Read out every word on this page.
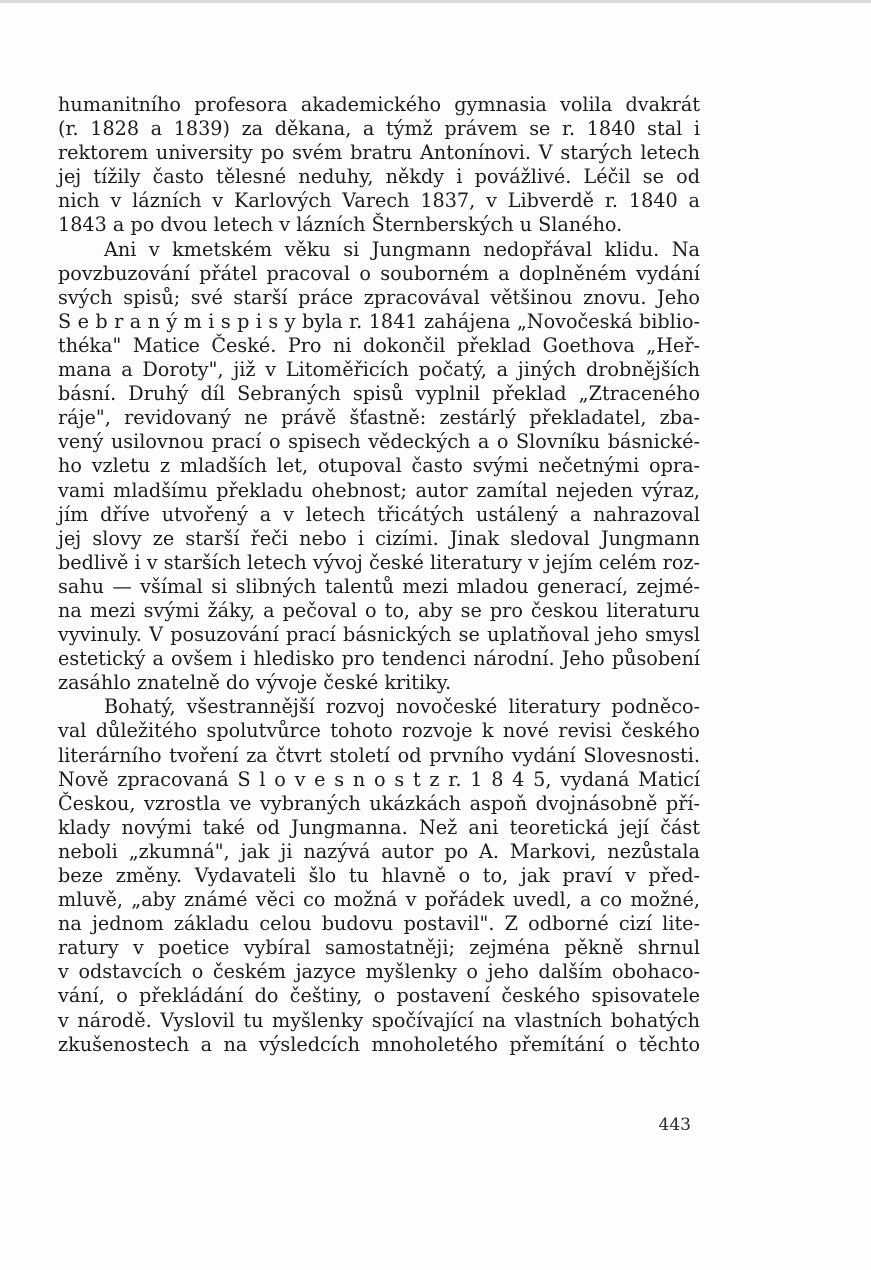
humanitního profesora akademického gymnasia volila dvakrát
(r. 1828 a 1839) za děkana, a týmž právem se r. 1840 stal i
rektorem university po svém bratru Antonínovi. V starých letech
jej tížily často tělesné neduhy, někdy i povážlivé. Léčil se od
nich v lázních v Karlových Varech 1837, v Libverdě r. 1840 a
1843 a po dvou letech v lázních Šternberských u Slaného.
Ani v kmetském věku si Jungmann nedopřával klidu. Na
povzbuzování přátel pracoval o souborném a doplněném vydání
svých spisů; své starší práce zpracovával většinou znovu. Jeho
S e b r a n ý m i s p i s y byla r. 1841 zahájena „Novočeská biblio-
théka" Matice České. Pro ni dokončil překlad Goethova „Heř-
mana a Doroty", již v Litoměřicích počatý, a jiných drobnějších
básní. Druhý díl Sebraných spisů vyplnil překlad „Ztraceného
ráje", revidovaný ne právě šťastně: zestárlý překladatel, zba-
vený usilovnou prací o spisech vědeckých a o Slovníku básnické-
ho vzletu z mladších let, otupoval často svými nečetnými opra-
vami mladšímu překladu ohebnost; autor zamítal nejeden výraz,
jím dříve utvořený a v letech třicátých ustálený a nahrazoval
jej slovy ze starší řeči nebo i cizími. Jinak sledoval Jungmann
bedlivě i v starších letech vývoj české literatury v jejím celém roz-
sahu — všímal si slibných talentů mezi mladou generací, zejmé-
na mezi svými žáky, a pečoval o to, aby se pro českou literaturu
vyvinuly. V posuzování prací básnických se uplatňoval jeho smysl
estetický a ovšem i hledisko pro tendenci národní. Jeho působení
zasáhlo znatelně do vývoje české kritiky.
Bohatý, všestrannější rozvoj novočeské literatury podněco-
val důležitého spolutvůrce tohoto rozvoje k nové revisi českého
literárního tvoření za čtvrt století od prvního vydání Slovesnosti.
Nově zpracovaná S l o v e s n o s t z r. 1 8 4 5, vydaná Maticí
Českou, vzrostla ve vybraných ukázkách aspoň dvojnásobně pří-
klady novými také od Jungmanna. Než ani teoretická její část
neboli „zkumná", jak ji nazývá autor po A. Markovi, nezůstala
beze změny. Vydavateli šlo tu hlavně o to, jak praví v před-
mluvě, „aby známé věci co možná v pořádek uvedl, a co možné,
na jednom základu celou budovu postavil". Z odborné cizí lite-
ratury v poetice vybíral samostatněji; zejména pěkně shrnul
v odstavcích o českém jazyce myšlenky o jeho dalším obohaco-
vání, o překládání do češtiny, o postavení českého spisovatele
v národě. Vyslovil tu myšlenky spočívající na vlastních bohatých
zkušenostech a na výsledcích mnoholetého přemítání o těchto
443
